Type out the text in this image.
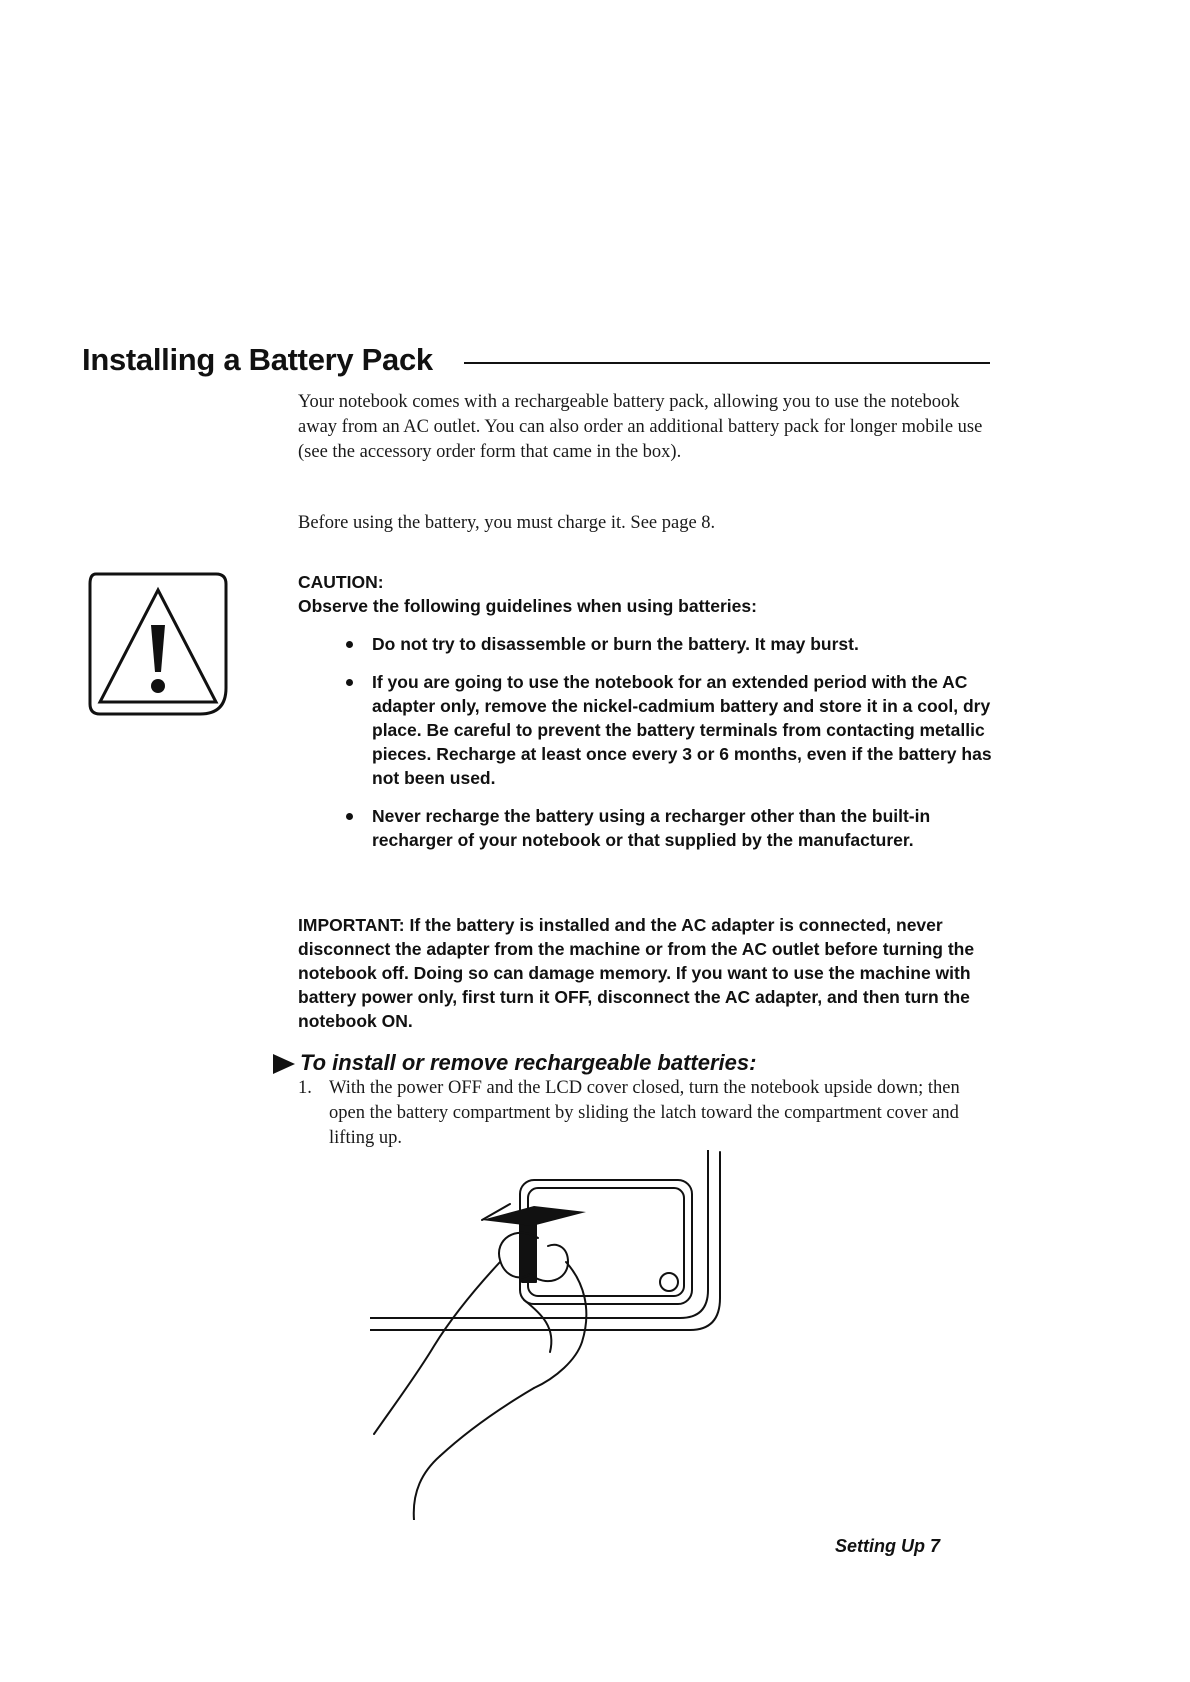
Installing a Battery Pack

Your notebook comes with a rechargeable battery pack, allowing you to use the notebook away from an AC outlet. You can also order an additional battery pack for longer mobile use (see the accessory order form that came in the box).

Before using the battery, you must charge it. See page 8.

CAUTION:

Observe the following guidelines when using batteries:

Do not try to disassemble or burn the battery. It may burst.
If you are going to use the notebook for an extended period with the AC adapter only, remove the nickel-cadmium battery and store it in a cool, dry place. Be careful to prevent the battery terminals from contacting metallic pieces. Recharge at least once every 3 or 6 months, even if the battery has not been used.
Never recharge the battery using a recharger other than the built-in recharger of your notebook or that supplied by the manufacturer.

IMPORTANT: If the battery is installed and the AC adapter is connected, never disconnect the adapter from the machine or from the AC outlet before turning the notebook off. Doing so can damage memory. If you want to use the machine with battery power only, first turn it OFF, disconnect the AC adapter, and then turn the notebook ON.

To install or remove rechargeable batteries:
1. With the power OFF and the LCD cover closed, turn the notebook upside down; then open the battery compartment by sliding the latch toward the compartment cover and lifting up.
Setting Up 7
